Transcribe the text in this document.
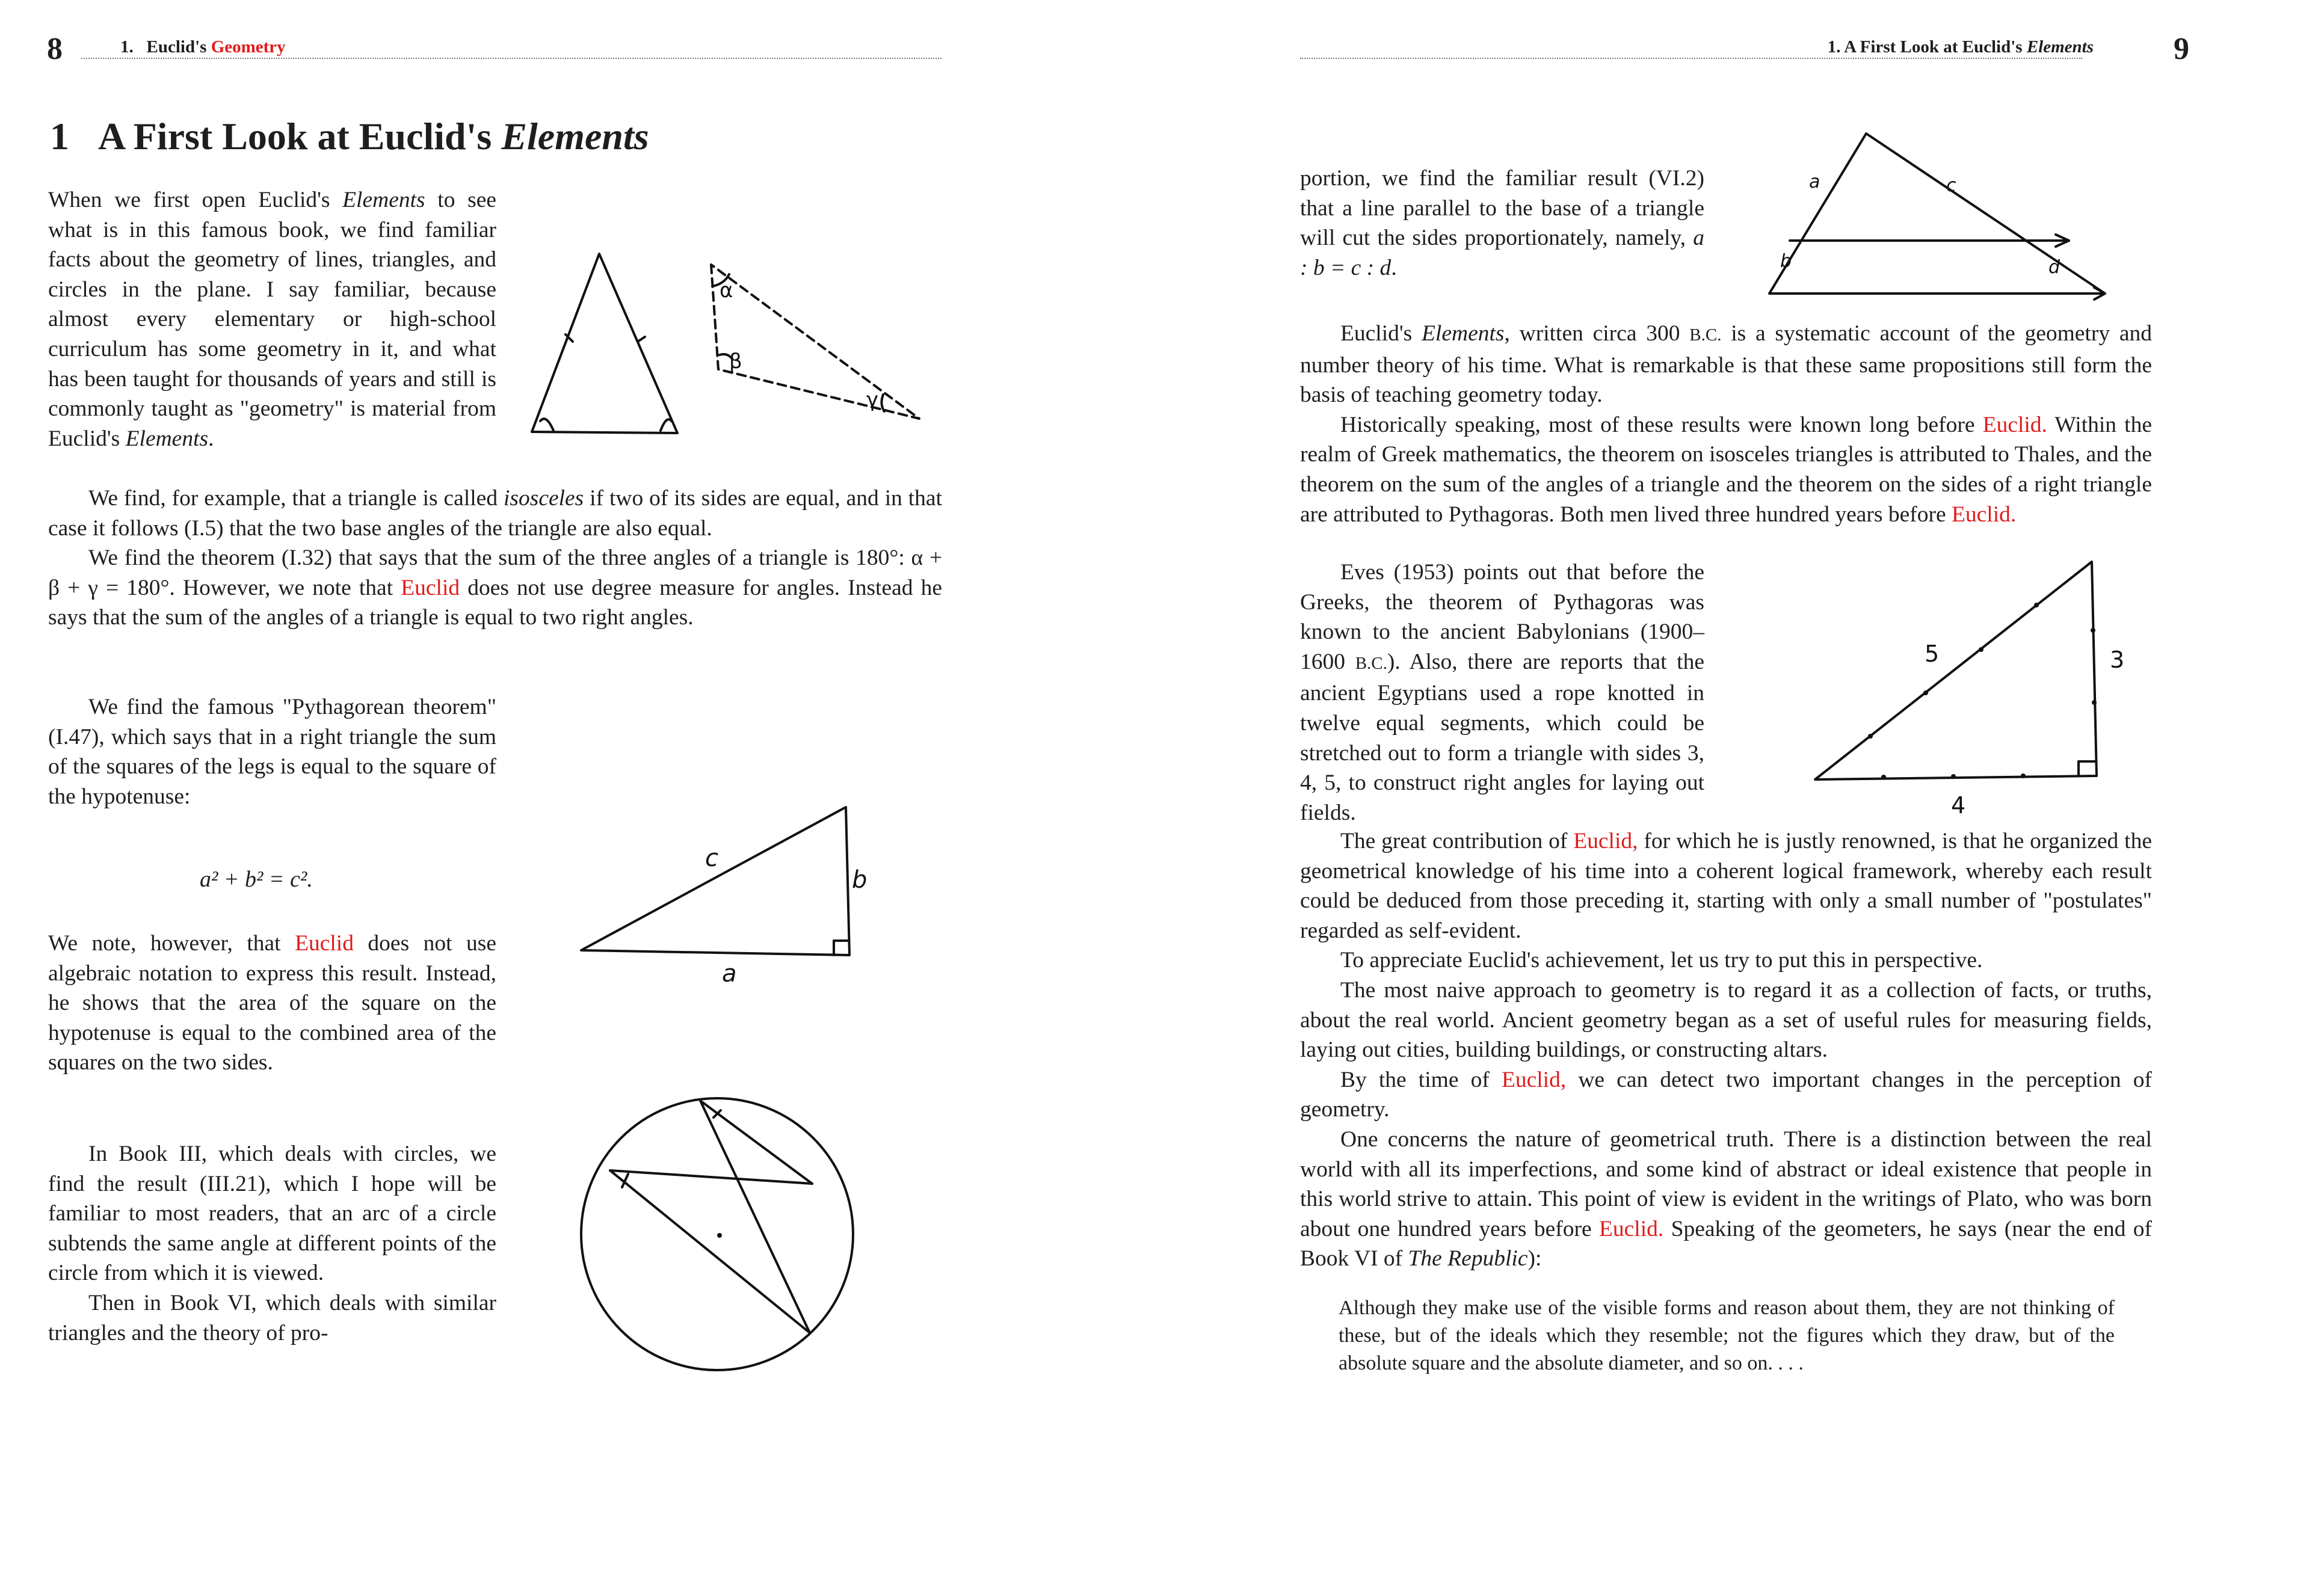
8	1. Euclid's Geometry
1 A First Look at Euclid's Elements

When we first open Euclid's Elements to see what is in this famous book, we find familiar facts about the geometry of lines, triangles, and circles in the plane. I say familiar, because almost every elementary or high-school curriculum has some geometry in it, and what has been taught for thousands of years and still is commonly taught as "geometry" is material from Euclid's Elements.

We find, for example, that a triangle is called isosceles if two of its sides are equal, and in that case it follows (I.5) that the two base angles of the triangle are also equal.

We find the theorem (I.32) that says that the sum of the three angles of a triangle is 180°: α + β + γ = 180°. However, we note that Euclid does not use degree measure for angles. Instead he says that the sum of the angles of a triangle is equal to two right angles.

We find the famous "Pythagorean theorem" (I.47), which says that in a right triangle the sum of the squares of the legs is equal to the square of the hypotenuse:

a² + b² = c².

We note, however, that Euclid does not use algebraic notation to express this result. Instead, he shows that the area of the square on the hypotenuse is equal to the combined area of the squares on the two sides.

In Book III, which deals with circles, we find the result (III.21), which I hope will be familiar to most readers, that an arc of a circle subtends the same angle at different points of the circle from which it is viewed.

Then in Book VI, which deals with similar triangles and the theory of pro-

α
β
γ
c
b
a
1. A First Look at Euclid's Elements	9

portion, we find the familiar result (VI.2) that a line parallel to the base of a triangle will cut the sides proportionately, namely, a : b = c : d.

Euclid's Elements, written circa 300 B.C. is a systematic account of the geometry and number theory of his time. What is remarkable is that these same propositions still form the basis of teaching geometry today.

Historically speaking, most of these results were known long before Euclid. Within the realm of Greek mathematics, the theorem on isosceles triangles is attributed to Thales, and the theorem on the sum of the angles of a triangle and the theorem on the sides of a right triangle are attributed to Pythagoras. Both men lived three hundred years before Euclid.

Eves (1953) points out that before the Greeks, the theorem of Pythagoras was known to the ancient Babylonians (1900–1600 B.C.). Also, there are reports that the ancient Egyptians used a rope knotted in twelve equal segments, which could be stretched out to form a triangle with sides 3, 4, 5, to construct right angles for laying out fields.

The great contribution of Euclid, for which he is justly renowned, is that he organized the geometrical knowledge of his time into a coherent logical framework, whereby each result could be deduced from those preceding it, starting with only a small number of "postulates" regarded as self-evident.

To appreciate Euclid's achievement, let us try to put this in perspective.

The most naive approach to geometry is to regard it as a collection of facts, or truths, about the real world. Ancient geometry began as a set of useful rules for measuring fields, laying out cities, building buildings, or constructing altars.

By the time of Euclid, we can detect two important changes in the perception of geometry.

One concerns the nature of geometrical truth. There is a distinction between the real world with all its imperfections, and some kind of abstract or ideal existence that people in this world strive to attain. This point of view is evident in the writings of Plato, who was born about one hundred years before Euclid. Speaking of the geometers, he says (near the end of Book VI of The Republic):

Although they make use of the visible forms and reason about them, they are not thinking of these, but of the ideals which they resemble; not the figures which they draw, but of the absolute square and the absolute diameter, and so on. . . .
a
b
c
d
5	3
4
